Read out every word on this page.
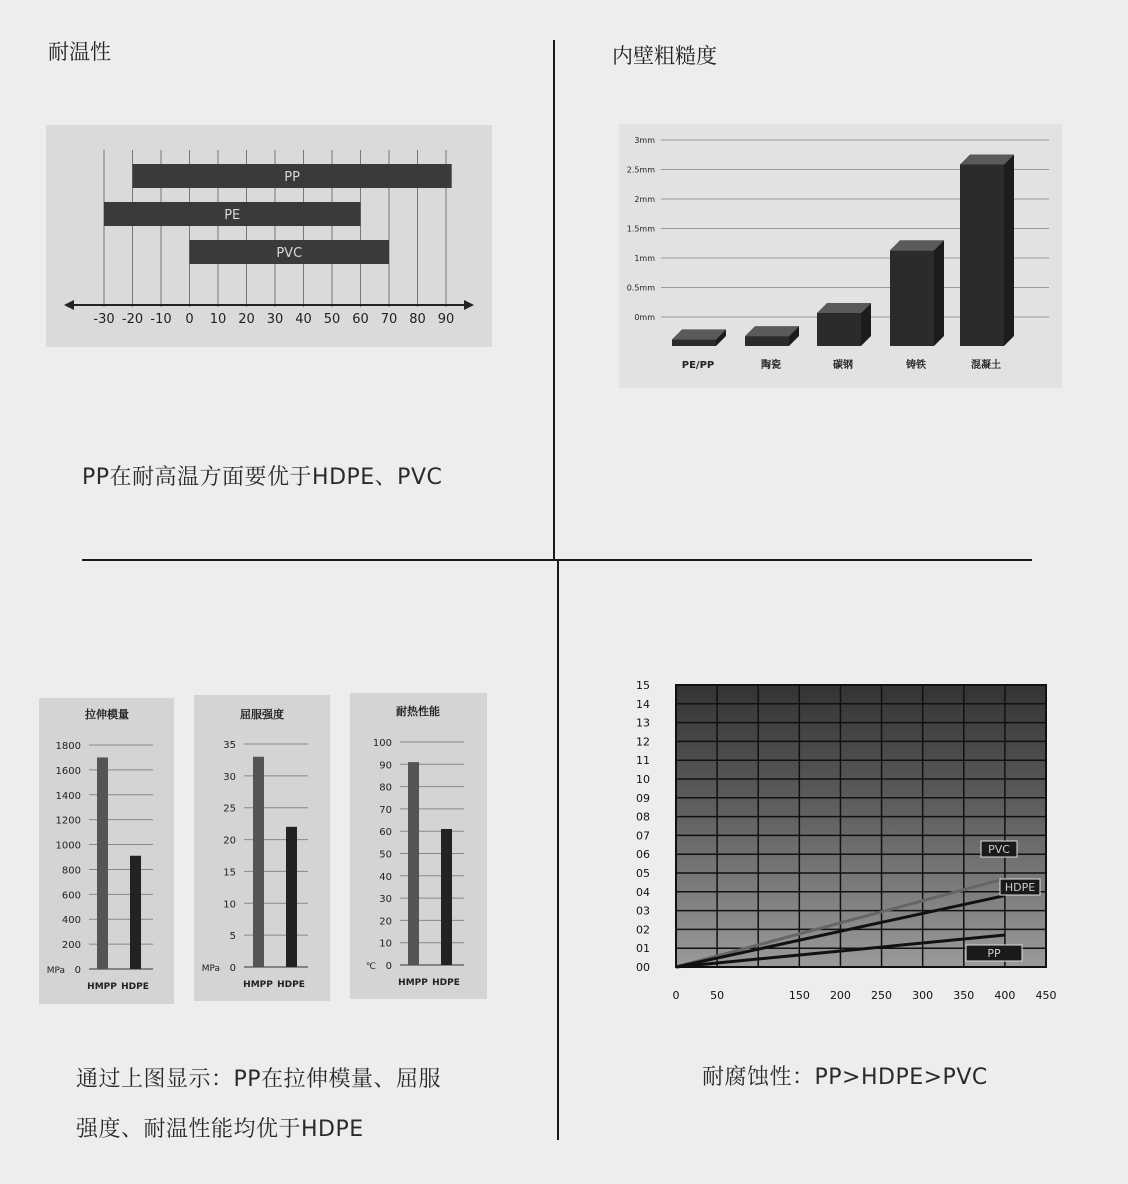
耐温性	内壁粗糙度
-30 -20 -10 0 10 20 30 40 50 60 70 80 90
PP
PE
PVC
0mm
0.5mm
1mm
1.5mm
2mm
2.5mm
3mm
PE/PP	陶瓷	碳钢	铸铁	混凝土
PP在耐高温方面要优于HDPE、PVC
拉伸模量
0
200
400
600
800
1000
1200
1400
1600
1800
MPa
HMPP HDPE
屈服强度
0
5
10
15
20
25
30
35
MPa
HMPP HDPE
耐热性能
0
10
20
30
40
50
60
70
80
90
100
℃
HMPP HDPE
00
01
02
03
04
05
06
07
08
09
10
11
12
13
14
15
0	50	150 200 250 300 350 400 450
PVC
HDPE
PP
通过上图显示：PP在拉伸模量、屈服
强度、耐温性能均优于HDPE
耐腐蚀性：PP>HDPE>PVC
